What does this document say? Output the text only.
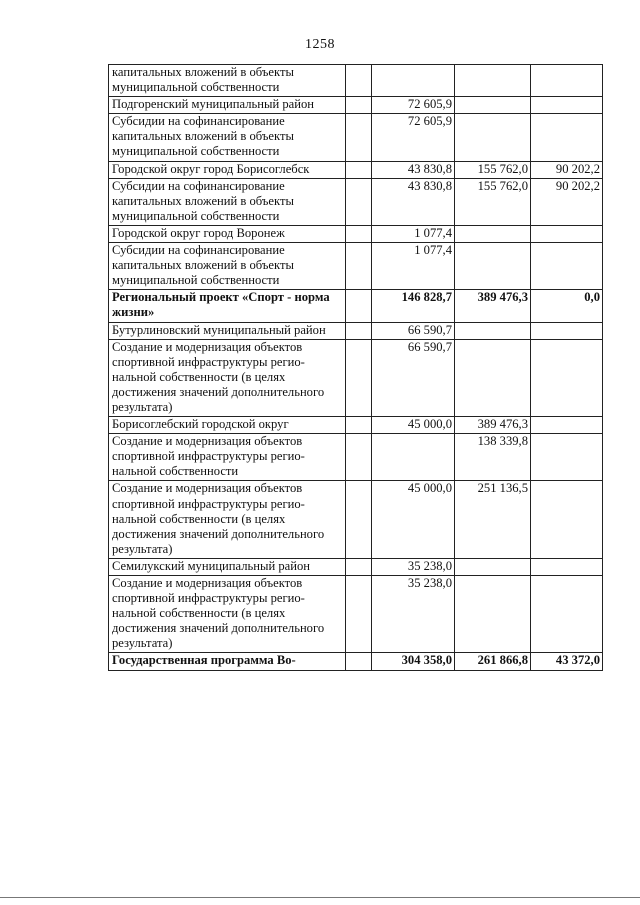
1258
капитальных вложений в объекты муниципальной собственности				
Подгоренский муниципальный район		72 605,9		
Субсидии на софинансирование капитальных вложений в объекты муниципальной собственности		72 605,9		
Городской округ город Борисоглебск		43 830,8	155 762,0	90 202,2
Субсидии на софинансирование капитальных вложений в объекты муниципальной собственности		43 830,8	155 762,0	90 202,2
Городской округ город Воронеж		1 077,4		
Субсидии на софинансирование капитальных вложений в объекты муниципальной собственности		1 077,4		
Региональный проект «Спорт - норма жизни»		146 828,7	389 476,3	0,0
Бутурлиновский муниципальный район		66 590,7		
Создание и модернизация объектов спортивной инфраструктуры региональной собственности (в целях достижения значений дополнительного результата)		66 590,7		
Борисоглебский городской округ		45 000,0	389 476,3	
Создание и модернизация объектов спортивной инфраструктуры региональной собственности			138 339,8	
Создание и модернизация объектов спортивной инфраструктуры региональной собственности (в целях достижения значений дополнительного результата)		45 000,0	251 136,5	
Семилукский муниципальный район		35 238,0		
Создание и модернизация объектов спортивной инфраструктуры региональной собственности (в целях достижения значений дополнительного результата)		35 238,0		
Государственная программа Во-		304 358,0	261 866,8	43 372,0
